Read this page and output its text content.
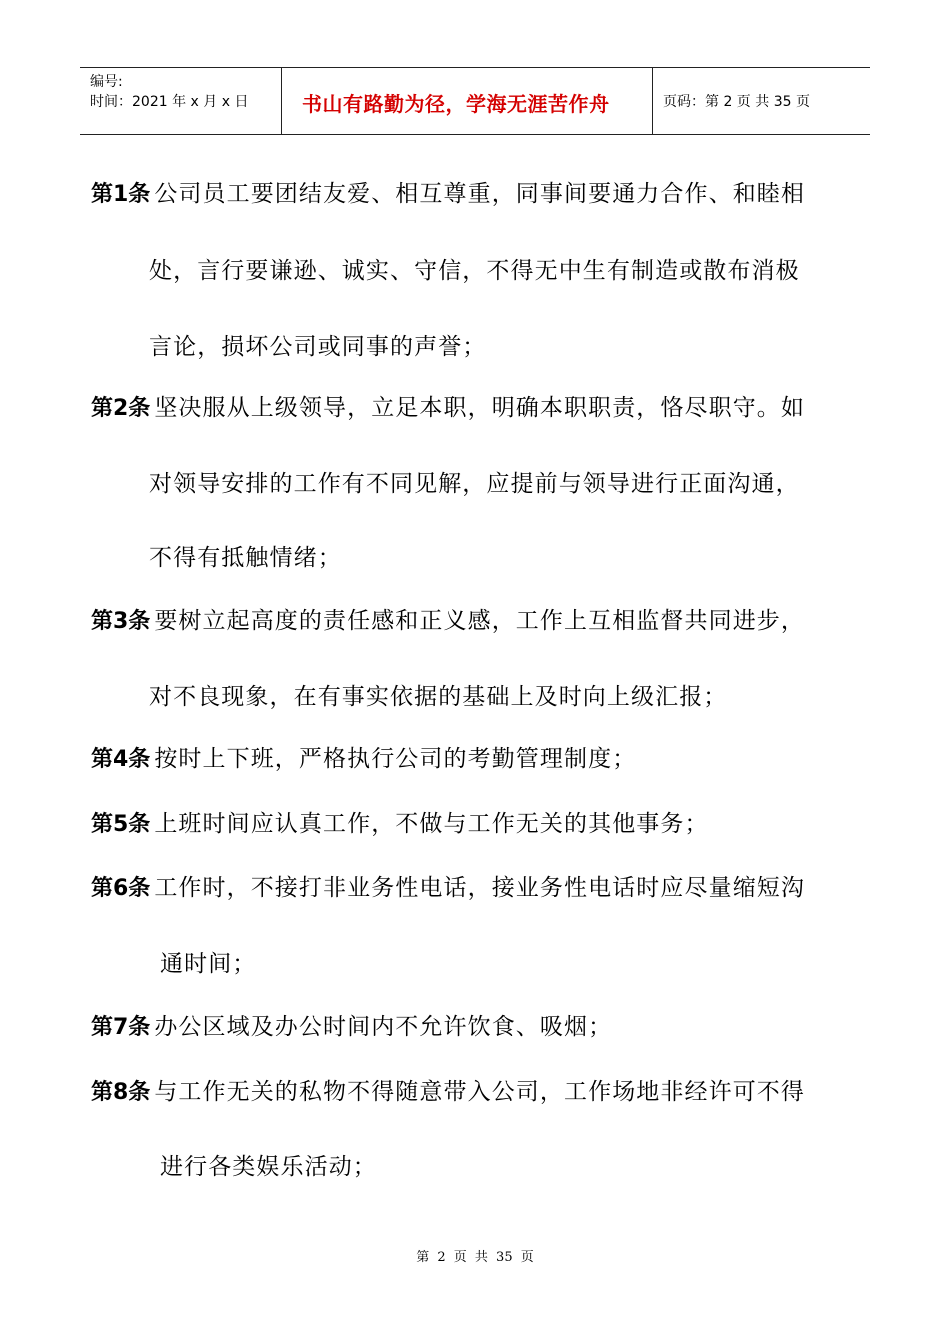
编号:
时间：2021 年 x 月 x 日	书山有路勤为径，学海无涯苦作舟	页码：第 2 页 共 35 页
第1条 公司员工要团结友爱、相互尊重，同事间要通力合作、和睦相
处，言行要谦逊、诚实、守信，不得无中生有制造或散布消极
言论，损坏公司或同事的声誉；
第2条 坚决服从上级领导，立足本职，明确本职职责，恪尽职守。如
对领导安排的工作有不同见解，应提前与领导进行正面沟通，
不得有抵触情绪；
第3条 要树立起高度的责任感和正义感，工作上互相监督共同进步，
对不良现象，在有事实依据的基础上及时向上级汇报；
第4条 按时上下班，严格执行公司的考勤管理制度；
第5条 上班时间应认真工作，不做与工作无关的其他事务；
第6条 工作时，不接打非业务性电话，接业务性电话时应尽量缩短沟
通时间；
第7条 办公区域及办公时间内不允许饮食、吸烟；
第8条 与工作无关的私物不得随意带入公司，工作场地非经许可不得
进行各类娱乐活动；
第 2 页 共 35 页
